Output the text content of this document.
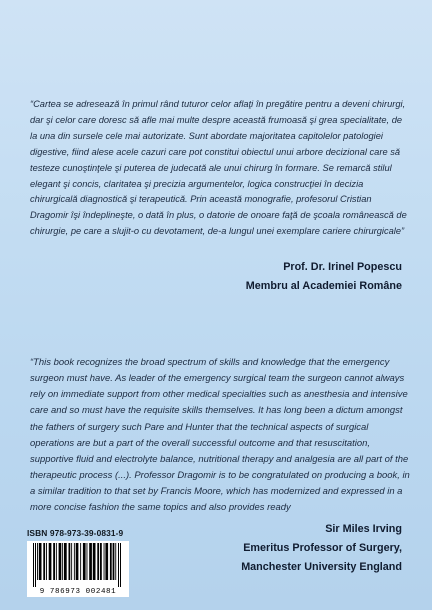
“Cartea se adresează în primul rând tuturor celor aflaţi în pregătire pentru a deveni chirurgi, dar şi celor care doresc să afle mai multe despre această frumoasă şi grea specialitate, de la una din sursele cele mai autorizate. Sunt abordate majoritatea capitolelor patologiei digestive, fiind alese acele cazuri care pot constitui obiectul unui arbore decizional care să testeze cunoştinţele şi puterea de judecată ale unui chirurg în formare. Se remarcă stilul elegant şi concis, claritatea şi precizia argumentelor, logica construcţiei în decizia chirurgicală diagnostică şi terapeutică. Prin această monografie, profesorul Cristian Dragomir îşi îndeplineşte, o dată în plus, o datorie de onoare faţă de şcoala românească de chirurgie, pe care a slujit-o cu devotament, de-a lungul unei exemplare cariere chirurgicale”
Prof. Dr. Irinel Popescu
Membru al Academiei Române
“This book recognizes the broad spectrum of skills and knowledge that the emergency surgeon must have. As leader of the emergency surgical team the surgeon cannot always rely on immediate support from other medical specialties such as anesthesia and intensive care and so must have the requisite skills themselves. It has long been a dictum amongst the fathers of surgery such Pare and Hunter that the technical aspects of surgical operations are but a part of the overall successful outcome and that resuscitation, supportive fluid and electrolyte balance, nutritional therapy and analgesia are all part of the therapeutic process (...). Professor Dragomir is to be congratulated on producing a book, in a similar tradition to that set by Francis Moore, which has modernized and expressed in a more concise fashion the same topics and also provides ready
Sir Miles Irving
Emeritus Professor of Surgery,
Manchester University England
ISBN 978-973-39-0831-9
9 786973 002481
